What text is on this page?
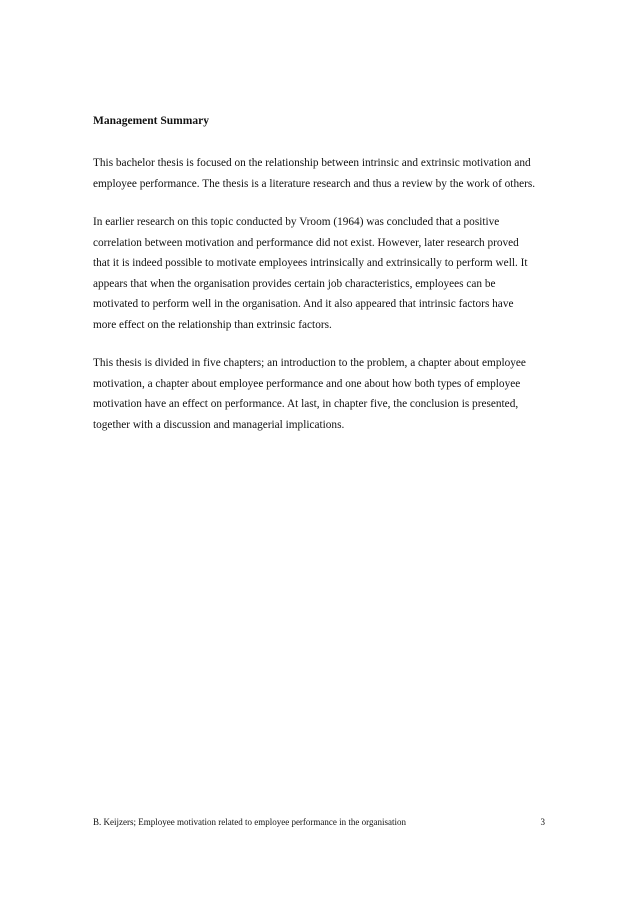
Management Summary
This bachelor thesis is focused on the relationship between intrinsic and extrinsic motivation and
employee performance. The thesis is a literature research and thus a review by the work of others.
In earlier research on this topic conducted by Vroom (1964) was concluded that a positive
correlation between motivation and performance did not exist. However, later research proved
that it is indeed possible to motivate employees intrinsically and extrinsically to perform well. It
appears that when the organisation provides certain job characteristics, employees can be
motivated to perform well in the organisation. And it also appeared that intrinsic factors have
more effect on the relationship than extrinsic factors.
This thesis is divided in five chapters; an introduction to the problem, a chapter about employee
motivation, a chapter about employee performance and one about how both types of employee
motivation have an effect on performance. At last, in chapter five, the conclusion is presented,
together with a discussion and managerial implications.
B. Keijzers; Employee motivation related to employee performance in the organisation	3
